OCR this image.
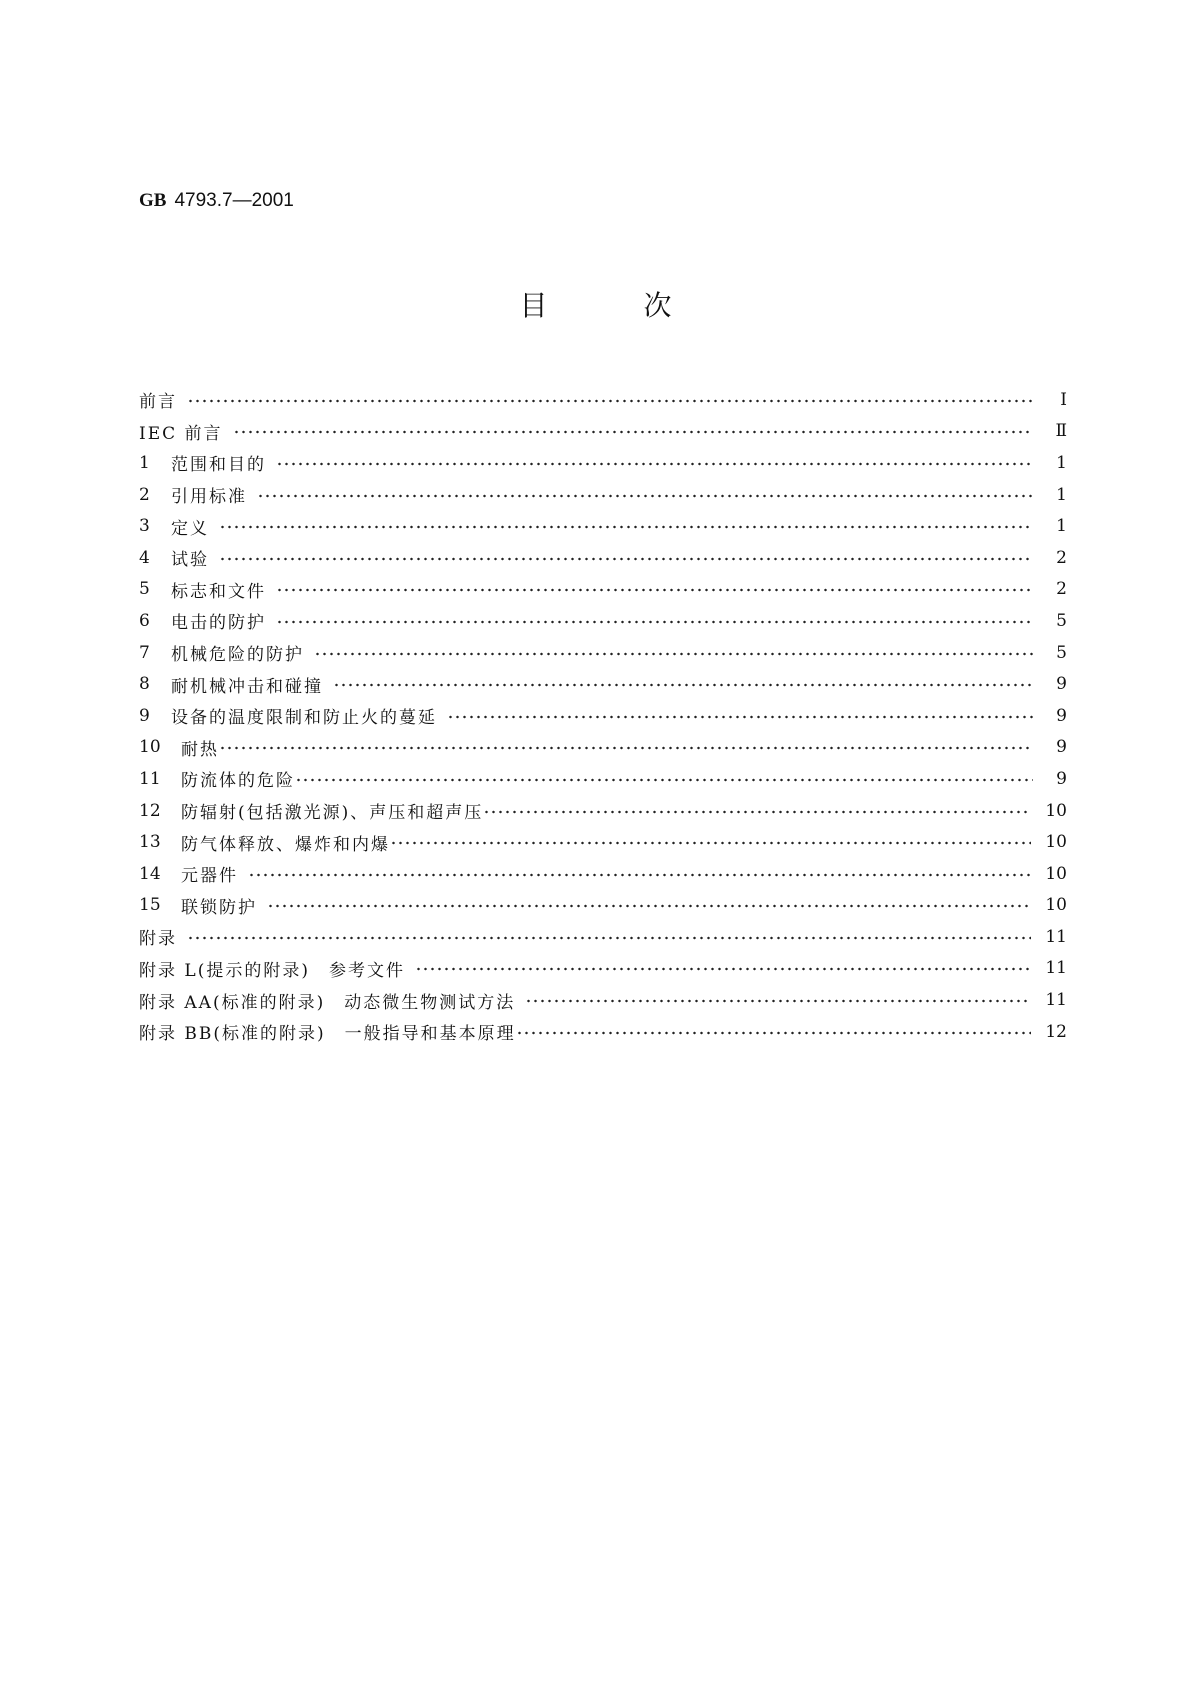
GB 4793.7—2001
目	次
前言	Ⅰ
IEC 前言	Ⅱ
1	范围和目的	1
2	引用标准	1
3	定义	1
4	试验	2
5	标志和文件	2
6	电击的防护	5
7	机械危险的防护	5
8	耐机械冲击和碰撞	9
9	设备的温度限制和防止火的蔓延	9
10	耐热	9
11	防流体的危险	9
12	防辐射(包括激光源)、声压和超声压	10
13	防气体释放、爆炸和内爆	10
14	元器件	10
15	联锁防护	10
附录	11
附录 L(提示的附录)　参考文件	11
附录 AA(标准的附录)　动态微生物测试方法	11
附录 BB(标准的附录)　一般指导和基本原理	12
